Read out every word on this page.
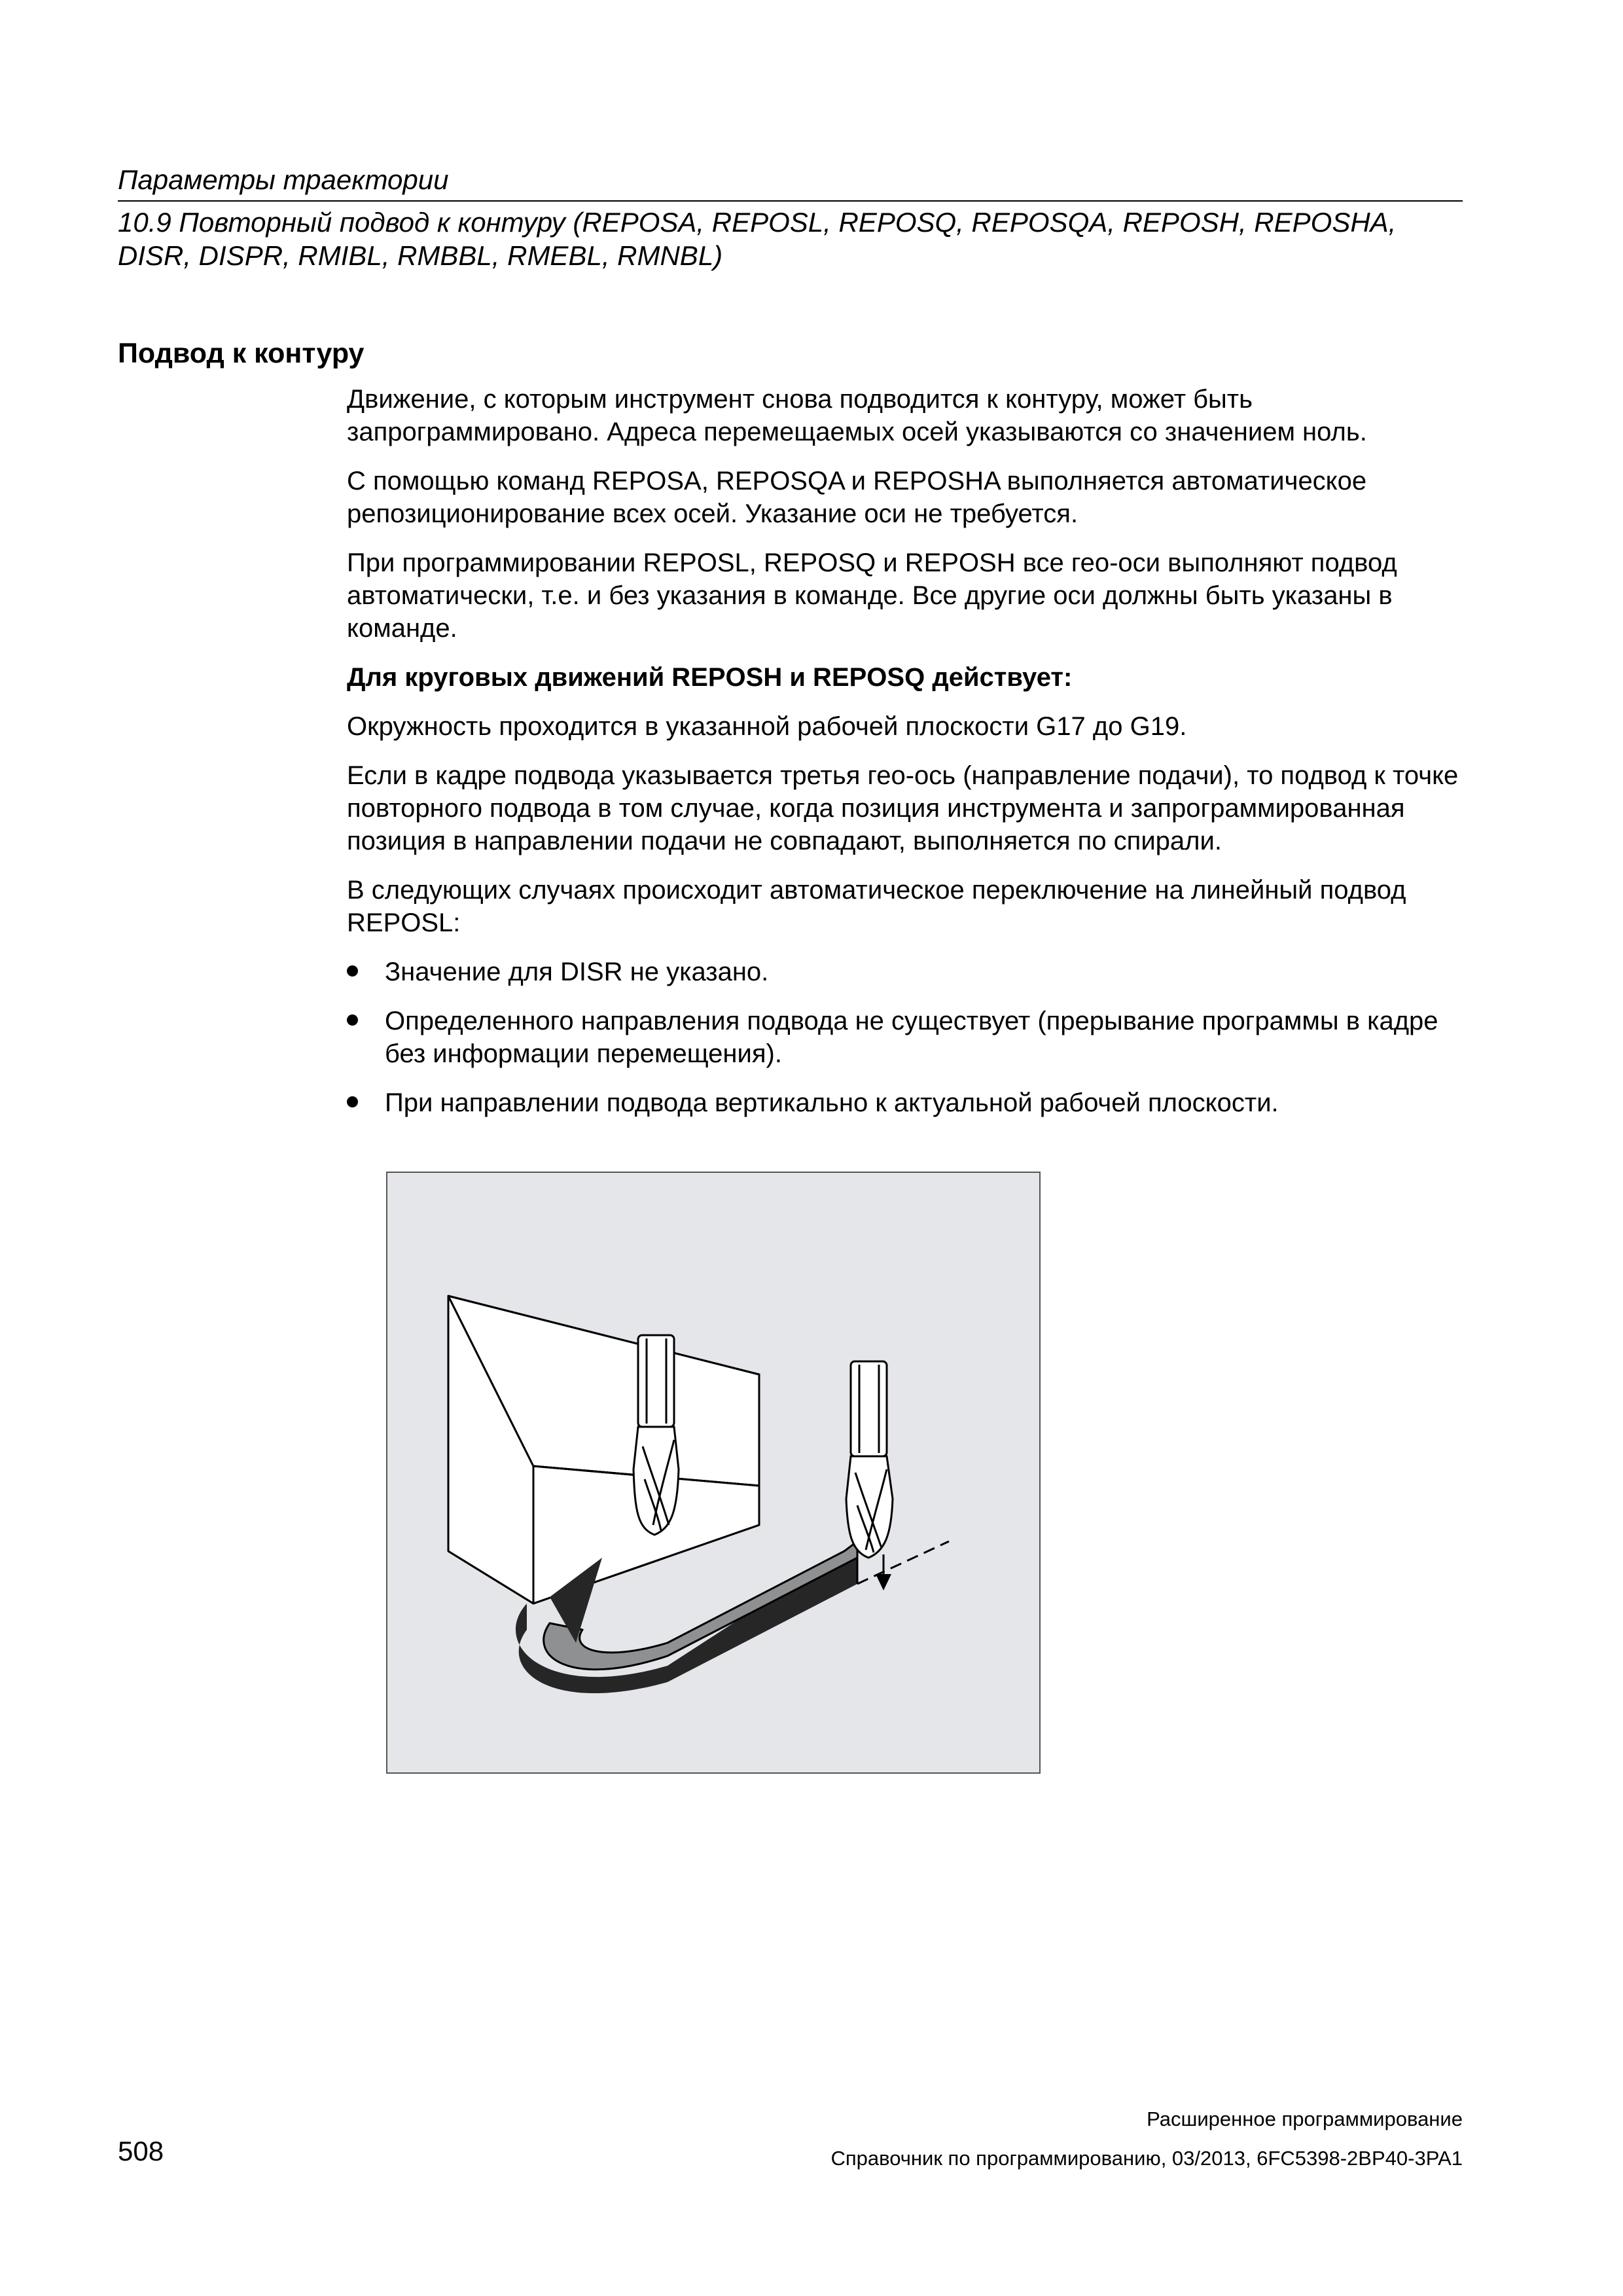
Параметры траектории
10.9 Повторный подвод к контуру (REPOSA, REPOSL, REPOSQ, REPOSQA, REPOSH, REPOSHA, DISR, DISPR, RMIBL, RMBBL, RMEBL, RMNBL)
Подвод к контуру

Движение, с которым инструмент снова подводится к контуру, может быть запрограммировано. Адреса перемещаемых осей указываются со значением ноль.

С помощью команд REPOSA, REPOSQA и REPOSHA выполняется автоматическое репозиционирование всех осей. Указание оси не требуется.

При программировании REPOSL, REPOSQ и REPOSH все гео-оси выполняют подвод автоматически, т.е. и без указания в команде. Все другие оси должны быть указаны в команде.

Для круговых движений REPOSH и REPOSQ действует:

Окружность проходится в указанной рабочей плоскости G17 до G19.

Если в кадре подвода указывается третья гео-ось (направление подачи), то подвод к точке повторного подвода в том случае, когда позиция инструмента и запрограммированная позиция в направлении подачи не совпадают, выполняется по спирали.

В следующих случаях происходит автоматическое переключение на линейный подвод REPOSL:

Значение для DISR не указано.
Определенного направления подвода не существует (прерывание программы в кадре без информации перемещения).
При направлении подвода вертикально к актуальной рабочей плоскости.
Расширенное программирование
508	Справочник по программированию, 03/2013, 6FC5398-2BP40-3PA1
